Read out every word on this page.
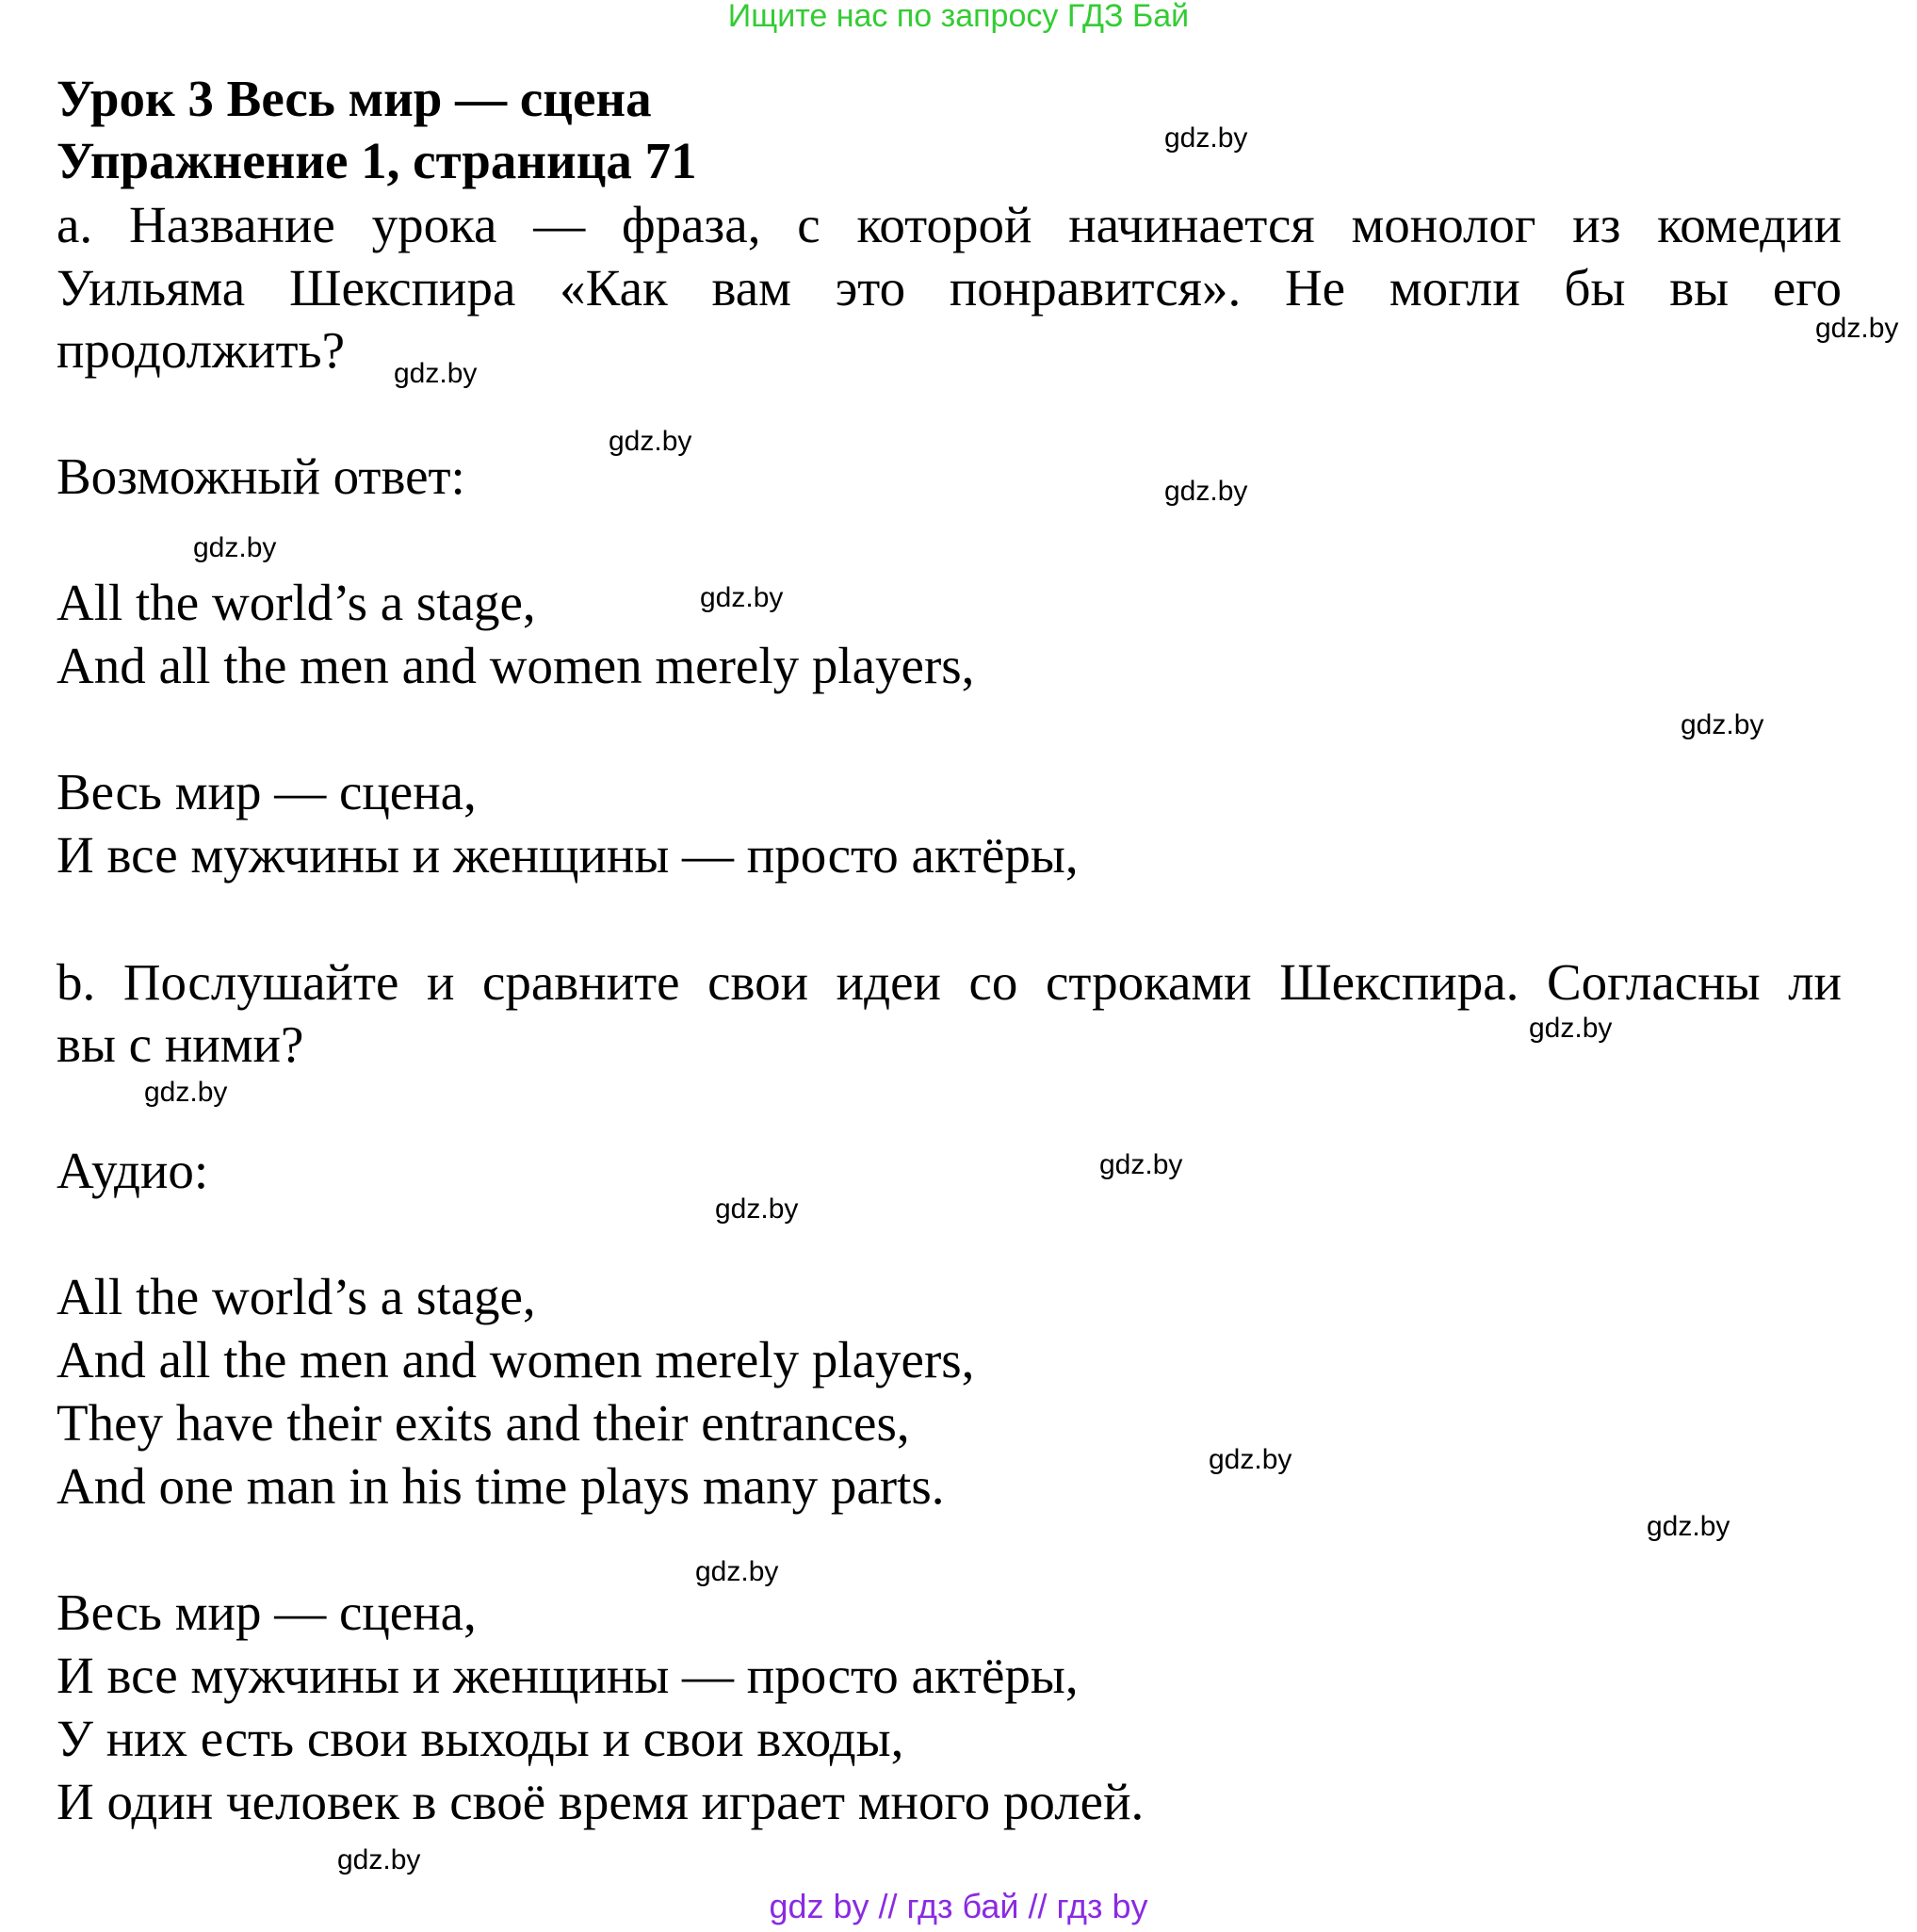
Ищите нас по запросу ГДЗ Бай
Урок 3 Весь мир — сцена
Упражнение 1, страница 71
а. Название урока — фраза, с которой начинается монолог из комедии
Уильяма Шекспира «Как вам это понравится». Не могли бы вы его
продолжить?
Возможный ответ:
All the world’s a stage,
And all the men and women merely players,
Весь мир — сцена,
И все мужчины и женщины — просто актёры,
b. Послушайте и сравните свои идеи со строками Шекспира. Согласны ли
вы с ними?
Аудио:
All the world’s a stage,
And all the men and women merely players,
They have their exits and their entrances,
And one man in his time plays many parts.
Весь мир — сцена,
И все мужчины и женщины — просто актёры,
У них есть свои выходы и свои входы,
И один человек в своё время играет много ролей.
gdz.by
gdz.by
gdz.by
gdz.by
gdz.by
gdz.by
gdz.by
gdz.by
gdz.by
gdz.by
gdz.by
gdz.by
gdz.by
gdz.by
gdz.by
gdz.by
gdz by // гдз бай // гдз by
